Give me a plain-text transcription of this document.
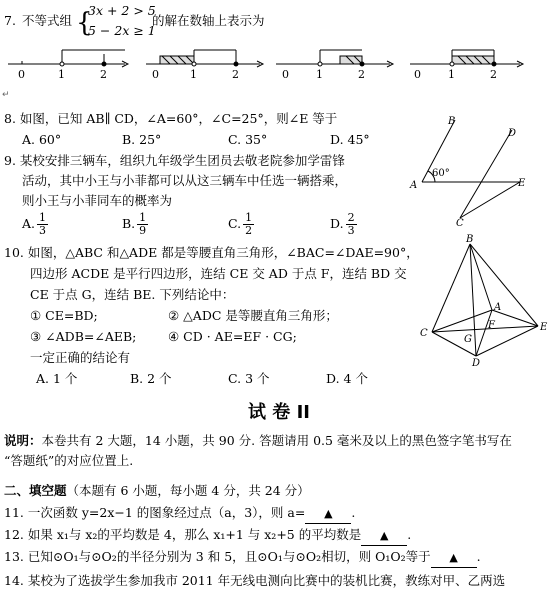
7. 不等式组 {
3x + 2 > 5
5 − 2x ≥ 1
的解在数轴上表示为
0	1	2	0	1	2	0 1	2	0 1	2
↵
8. 如图，已知 AB∥ CD，∠A=60°，∠C=25°，则∠E 等于
A. 60°	B. 25°	C. 35°	D. 45°
B
D
A	E
C
60°
9. 某校安排三辆车，组织九年级学生团员去敬老院参加学雷锋
活动，其中小王与小菲都可以从这三辆车中任选一辆搭乘，
则小王与小菲同车的概率为
A. $\frac{1}{3}$	B. $\frac{1}{9}$	C. $\frac{1}{2}$	D. $\frac{2}{3}$
10. 如图，△ABC 和△ADE 都是等腰直角三角形，∠BAC=∠DAE=90°，
四边形 ACDE 是平行四边形，连结 CE 交 AD 于点 F，连结 BD 交
CE 于点 G，连结 BE. 下列结论中：
① CE=BD;	② △ADC 是等腰直角三角形；
③ ∠ADB=∠AEB;	④ CD · AE=EF · CG;
一定正确的结论有
A. 1 个	B. 2 个	C. 3 个	D. 4 个
B
A
C
E
F
G
D
试 卷 II
说明：本卷共有 2 大题，14 小题，共 90 分. 答题请用 0.5 毫米及以上的黑色签字笔书写在
“答题纸”的对应位置上.
二、填空题（本题有 6 小题，每小题 4 分，共 24 分）
11. 一次函数 y=2x−1 的图象经过点（a，3），则 a= ▲ .
12. 如果 x₁与 x₂的平均数是 4，那么 x₁+1 与 x₂+5 的平均数是 ▲ .
13. 已知⊙O₁与⊙O₂的半径分别为 3 和 5，且⊙O₁与⊙O₂相切，则 O₁O₂等于 ▲ .
14. 某校为了选拔学生参加我市 2011 年无线电测向比赛中的装机比赛，教练对甲、乙两选
